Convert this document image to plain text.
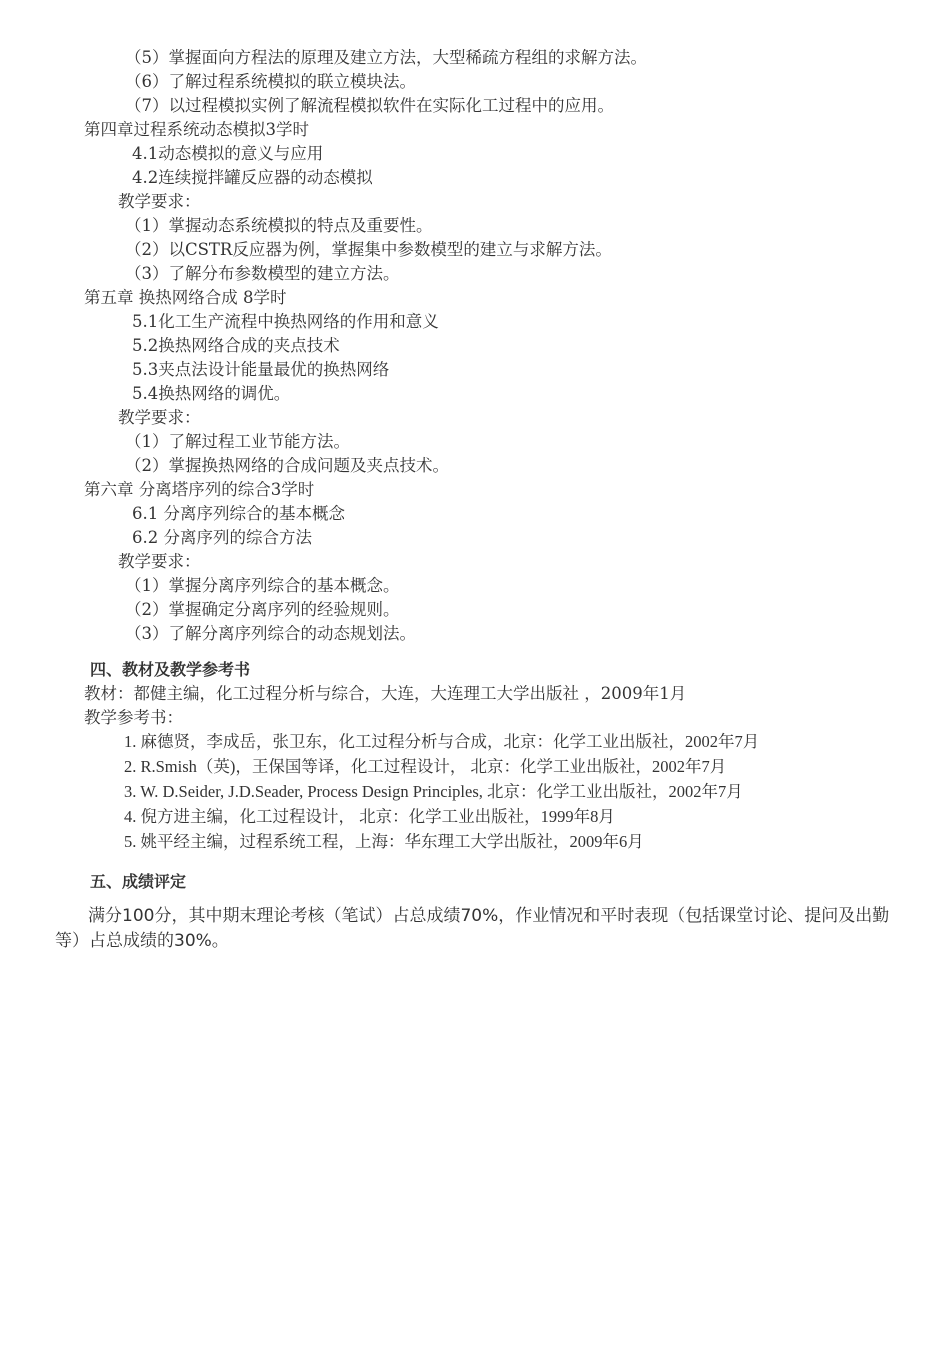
（5）掌握面向方程法的原理及建立方法，大型稀疏方程组的求解方法。
（6）了解过程系统模拟的联立模块法。
（7）以过程模拟实例了解流程模拟软件在实际化工过程中的应用。
第四章过程系统动态模拟3学时
4.1动态模拟的意义与应用
4.2连续搅拌罐反应器的动态模拟
教学要求：
（1）掌握动态系统模拟的特点及重要性。
（2）以CSTR反应器为例，掌握集中参数模型的建立与求解方法。
（3）了解分布参数模型的建立方法。
第五章 换热网络合成 8学时
5.1化工生产流程中换热网络的作用和意义
5.2换热网络合成的夹点技术
5.3夹点法设计能量最优的换热网络
5.4换热网络的调优。
教学要求：
（1）了解过程工业节能方法。
（2）掌握换热网络的合成问题及夹点技术。
第六章 分离塔序列的综合3学时
6.1 分离序列综合的基本概念
6.2 分离序列的综合方法
教学要求：
（1）掌握分离序列综合的基本概念。
（2）掌握确定分离序列的经验规则。
（3）了解分离序列综合的动态规划法。
四、教材及教学参考书
教材：都健主编，化工过程分析与综合，大连，大连理工大学出版社 ，2009年1月
教学参考书：
1. 麻德贤，李成岳，张卫东，化工过程分析与合成，北京：化学工业出版社，2002年7月
2. R.Smish（英)，王保国等译，化工过程设计， 北京：化学工业出版社，2002年7月
3. W. D.Seider, J.D.Seader, Process Design Principles, 北京：化学工业出版社，2002年7月
4. 倪方进主编，化工过程设计， 北京：化学工业出版社，1999年8月
5. 姚平经主编，过程系统工程，上海：华东理工大学出版社，2009年6月
五、成绩评定

满分100分，其中期末理论考核（笔试）占总成绩70%，作业情况和平时表现（包括课堂讨论、提问及出勤等）占总成绩的30%。
